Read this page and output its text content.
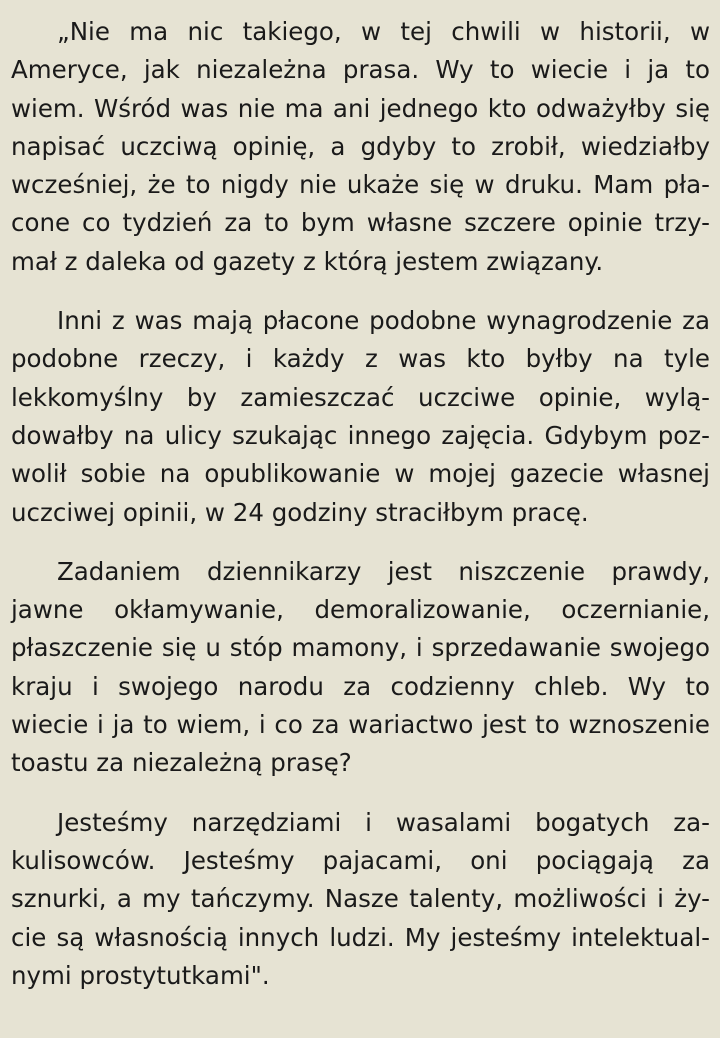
„Nie ma nic takiego, w tej chwili w historii, w
Ameryce, jak niezależna prasa. Wy to wiecie i ja to
wiem. Wśród was nie ma ani jednego kto odważyłby się
napisać uczciwą opinię, a gdyby to zrobił, wiedziałby
wcześniej, że to nigdy nie ukaże się w druku. Mam pła-
cone co tydzień za to bym własne szczere opinie trzy-
mał z daleka od gazety z którą jestem związany.
Inni z was mają płacone podobne wynagrodzenie za
podobne rzeczy, i każdy z was kto byłby na tyle
lekkomyślny by zamieszczać uczciwe opinie, wylą-
dowałby na ulicy szukając innego zajęcia. Gdybym poz-
wolił sobie na opublikowanie w mojej gazecie własnej
uczciwej opinii, w 24 godziny straciłbym pracę.
Zadaniem dziennikarzy jest niszczenie prawdy,
jawne okłamywanie, demoralizowanie, oczernianie,
płaszczenie się u stóp mamony, i sprzedawanie swojego
kraju i swojego narodu za codzienny chleb. Wy to
wiecie i ja to wiem, i co za wariactwo jest to wznoszenie
toastu za niezależną prasę?
Jesteśmy narzędziami i wasalami bogatych za-
kulisowców. Jesteśmy pajacami, oni pociągają za
sznurki, a my tańczymy. Nasze talenty, możliwości i ży-
cie są własnością innych ludzi. My jesteśmy intelektual-
nymi prostytutkami".
